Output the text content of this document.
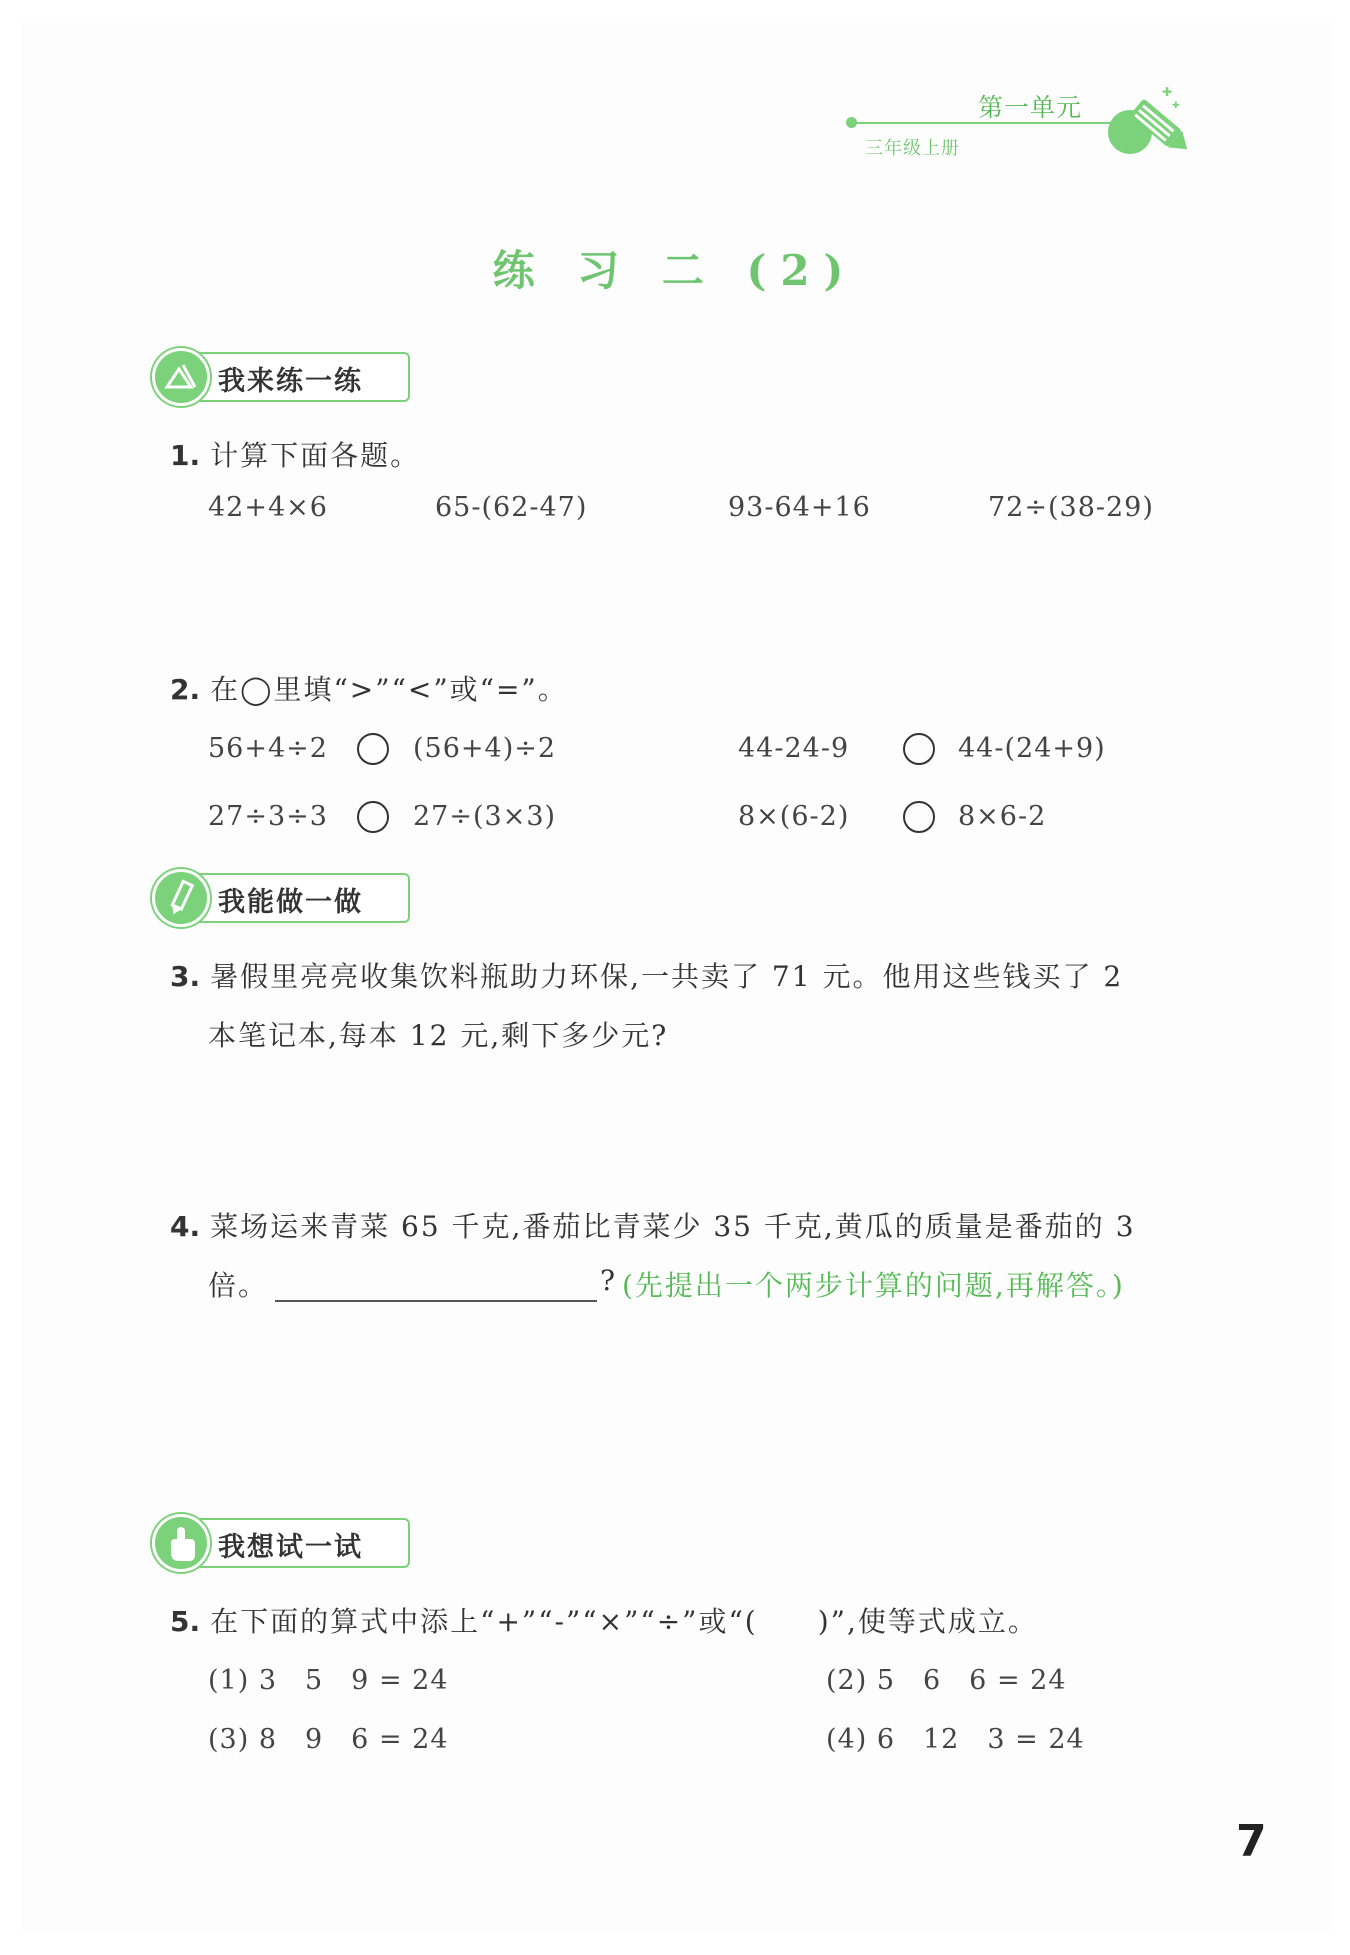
第一单元
三年级上册
✚
✚
练 习 二 (2)
我来练一练
1. 计算下面各题。
42+4×6	65-(62-47)	93-64+16	72÷(38-29)
2. 在◯里填“>”“<”或“=”。
56+4÷2	(56+4)÷2	44-24-9	44-(24+9)
27÷3÷3	27÷(3×3)	8×(6-2)	8×6-2
我能做一做
3. 暑假里亮亮收集饮料瓶助力环保,一共卖了 71 元。他用这些钱买了 2
本笔记本,每本 12 元,剩下多少元?
4. 菜场运来青菜 65 千克,番茄比青菜少 35 千克,黄瓜的质量是番茄的 3
倍。	? (先提出一个两步计算的问题,再解答。)
我想试一试
5. 在下面的算式中添上“+”“-”“×”“÷”或“(　　)”,使等式成立。
(1) 3　5　9 = 24	(2) 5　6　6 = 24
(3) 8　9　6 = 24	(4) 6　12　3 = 24
7
